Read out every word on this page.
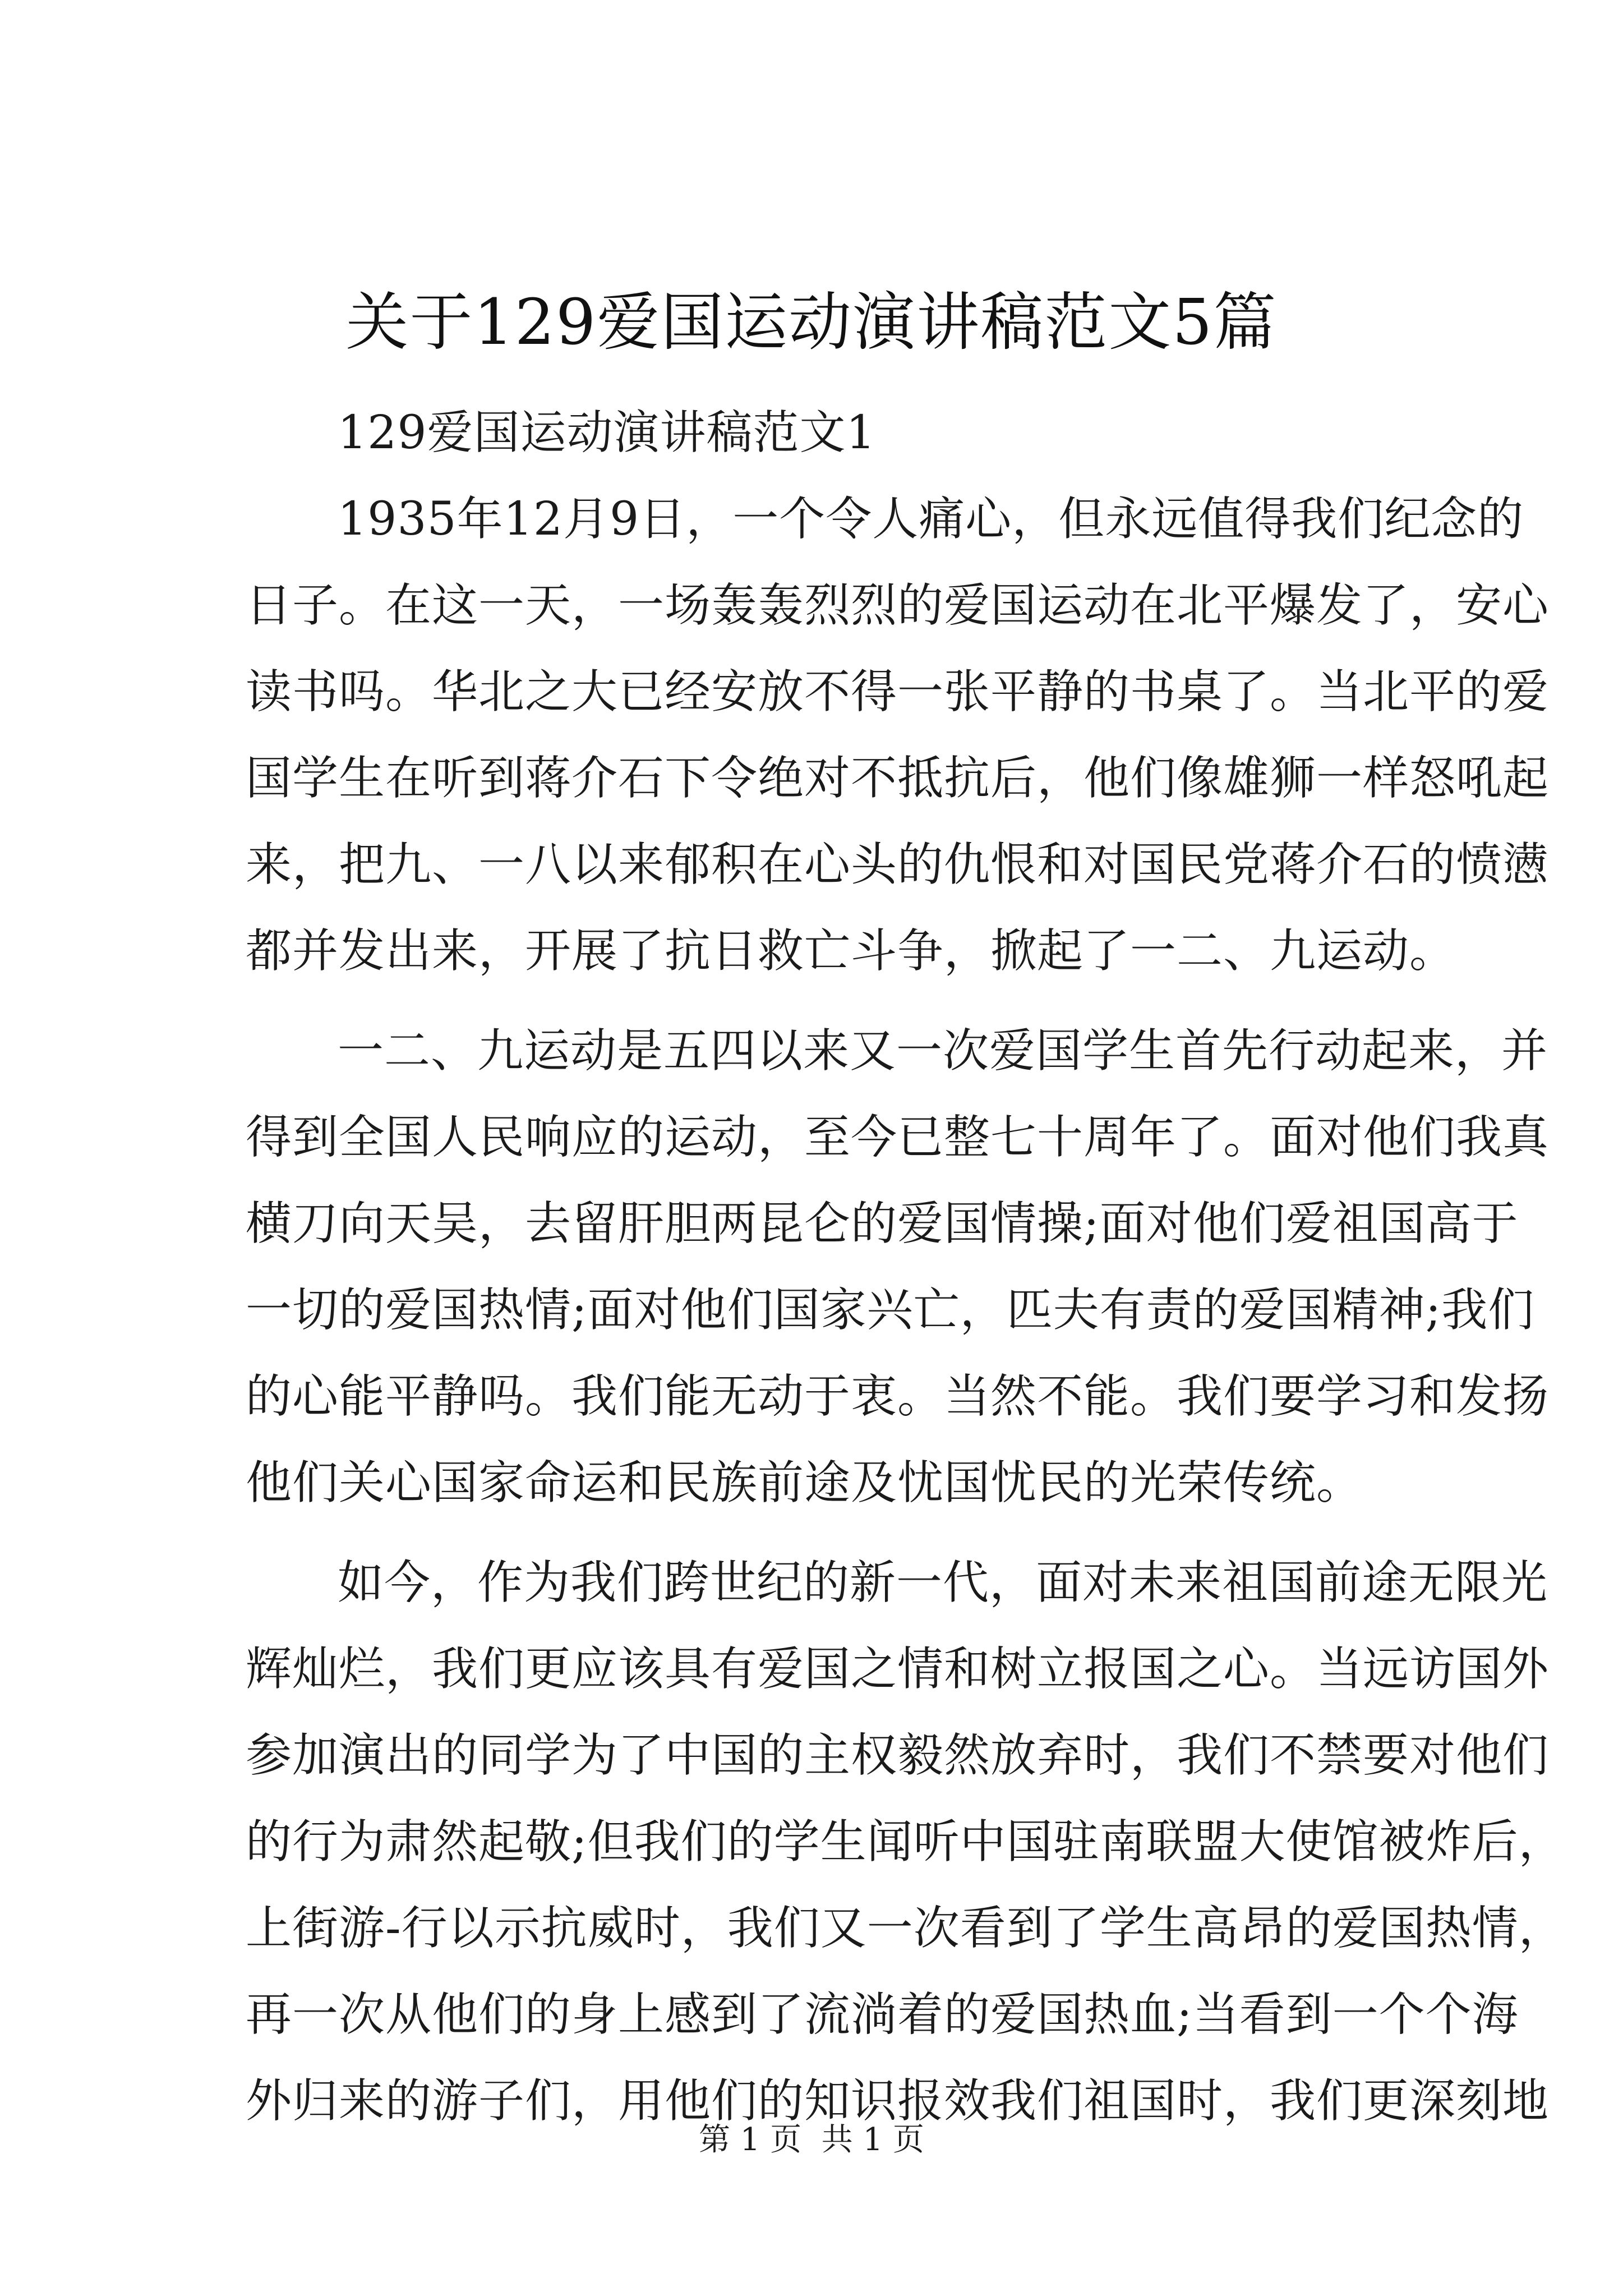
关于129爱国运动演讲稿范文5篇
129爱国运动演讲稿范文1
1935年12月9日，一个令人痛心，但永远值得我们纪念的
日子。在这一天，一场轰轰烈烈的爱国运动在北平爆发了，安心
读书吗。华北之大已经安放不得一张平静的书桌了。当北平的爱
国学生在听到蒋介石下令绝对不抵抗后，他们像雄狮一样怒吼起
来，把九、一八以来郁积在心头的仇恨和对国民党蒋介石的愤懑
都并发出来，开展了抗日救亡斗争，掀起了一二、九运动。
一二、九运动是五四以来又一次爱国学生首先行动起来，并
得到全国人民响应的运动，至今已整七十周年了。面对他们我真
横刀向天吴，去留肝胆两昆仑的爱国情操;面对他们爱祖国高于
一切的爱国热情;面对他们国家兴亡，匹夫有责的爱国精神;我们
的心能平静吗。我们能无动于衷。当然不能。我们要学习和发扬
他们关心国家命运和民族前途及忧国忧民的光荣传统。
如今，作为我们跨世纪的新一代，面对未来祖国前途无限光
辉灿烂，我们更应该具有爱国之情和树立报国之心。当远访国外
参加演出的同学为了中国的主权毅然放弃时，我们不禁要对他们
的行为肃然起敬;但我们的学生闻听中国驻南联盟大使馆被炸后，
上街游-行以示抗威时，我们又一次看到了学生高昂的爱国热情，
再一次从他们的身上感到了流淌着的爱国热血;当看到一个个海
外归来的游子们，用他们的知识报效我们祖国时，我们更深刻地
第 1 页  共 1 页
